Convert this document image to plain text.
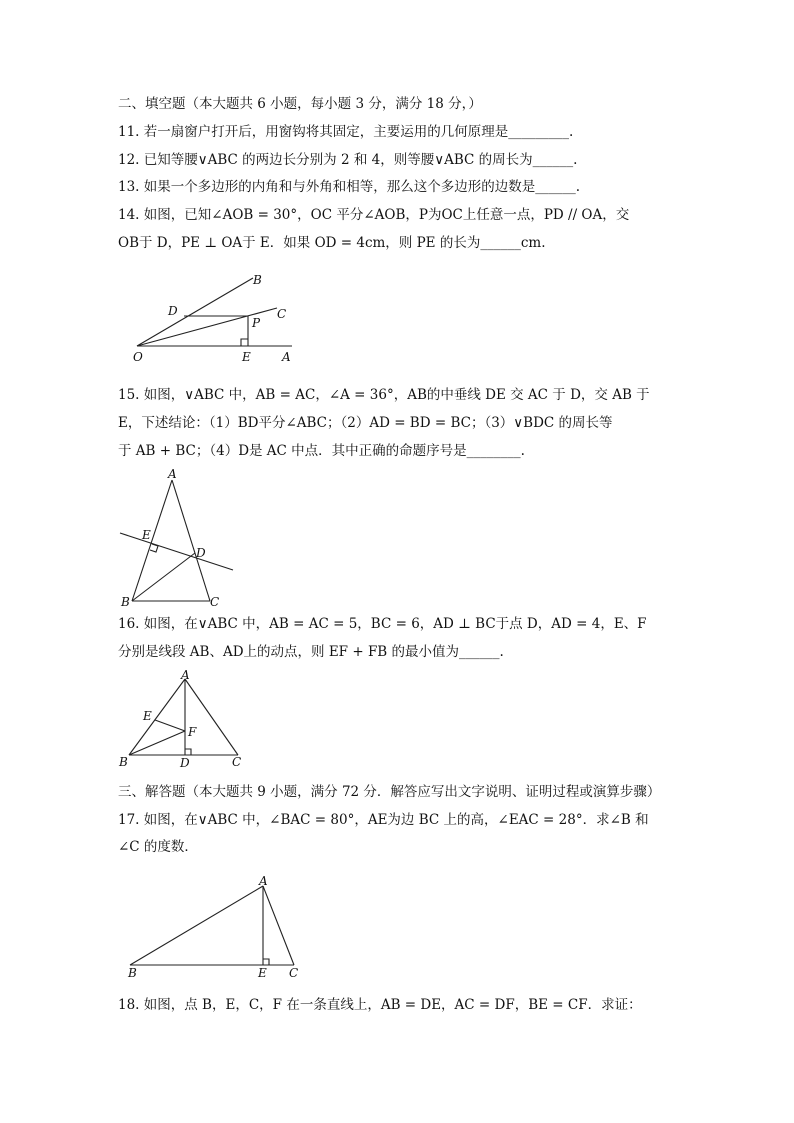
二、填空题（本大题共 6 小题，每小题 3 分，满分 18 分，）
11. 若一扇窗户打开后，用窗钩将其固定，主要运用的几何原理是_________.
12. 已知等腰∨ABC 的两边长分别为 2 和 4，则等腰∨ABC 的周长为______.
13. 如果一个多边形的内角和与外角和相等，那么这个多边形的边数是______.
14. 如图，已知∠AOB = 30°，OC 平分∠AOB，P为OC上任意一点，PD // OA，交
OB于 D，PE ⊥ OA于 E．如果 OD = 4cm，则 PE 的长为______cm.
B
D
P
C
O	E	A
15. 如图，∨ABC 中，AB = AC，∠A = 36°，AB的中垂线 DE 交 AC 于 D，交 AB 于
E，下述结论：（1）BD平分∠ABC；（2）AD = BD = BC；（3）∨BDC 的周长等
于 AB + BC；（4）D是 AC 中点．其中正确的命题序号是________.
A
E
D
B	C
16. 如图，在∨ABC 中，AB = AC = 5，BC = 6，AD ⊥ BC于点 D，AD = 4，E、F
分别是线段 AB、AD上的动点，则 EF + FB 的最小值为______.
A
E
F
B	D	C
三、解答题（本大题共 9 小题，满分 72 分．解答应写出文字说明、证明过程或演算步骤）
17. 如图，在∨ABC 中，∠BAC = 80°，AE为边 BC 上的高，∠EAC = 28°．求∠B 和
∠C 的度数．
A
B	E C
18. 如图，点 B，E，C，F 在一条直线上，AB = DE，AC = DF，BE = CF．求证：
